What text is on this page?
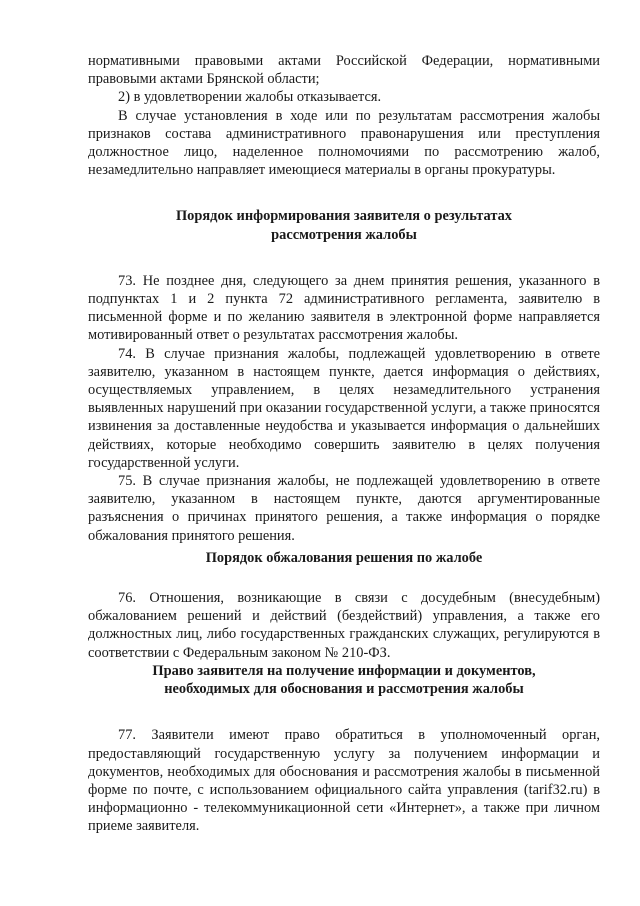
нормативными правовыми актами Российской Федерации, нормативными правовыми актами Брянской области;

2) в удовлетворении жалобы отказывается.

В случае установления в ходе или по результатам рассмотрения жалобы признаков состава административного правонарушения или преступления должностное лицо, наделенное полномочиями по рассмотрению жалоб, незамедлительно направляет имеющиеся материалы в органы прокуратуры.

Порядок информирования заявителя о результатах
рассмотрения жалобы

73. Не позднее дня, следующего за днем принятия решения, указанного в подпунктах 1 и 2 пункта 72 административного регламента, заявителю в письменной форме и по желанию заявителя в электронной форме направляется мотивированный ответ о результатах рассмотрения жалобы.

74. В случае признания жалобы, подлежащей удовлетворению в ответе заявителю, указанном в настоящем пункте, дается информация о действиях, осуществляемых управлением, в целях незамедлительного устранения выявленных нарушений при оказании государственной услуги, а также приносятся извинения за доставленные неудобства и указывается информация о дальнейших действиях, которые необходимо совершить заявителю в целях получения государственной услуги.

75. В случае признания жалобы, не подлежащей удовлетворению в ответе заявителю, указанном в настоящем пункте, даются аргументированные разъяснения о причинах принятого решения, а также информация о порядке обжалования принятого решения.

Порядок обжалования решения по жалобе

76. Отношения, возникающие в связи с досудебным (внесудебным) обжалованием решений и действий (бездействий) управления, а также его должностных лиц, либо государственных гражданских служащих, регулируются в соответствии с Федеральным законом № 210-ФЗ.

Право заявителя на получение информации и документов,
необходимых для обоснования и рассмотрения жалобы

77. Заявители имеют право обратиться в уполномоченный орган, предоставляющий государственную услугу за получением информации и документов, необходимых для обоснования и рассмотрения жалобы в письменной форме по почте, с использованием официального сайта управления (tarif32.ru) в информационно - телекоммуникационной сети «Интернет», а также при личном приеме заявителя.
